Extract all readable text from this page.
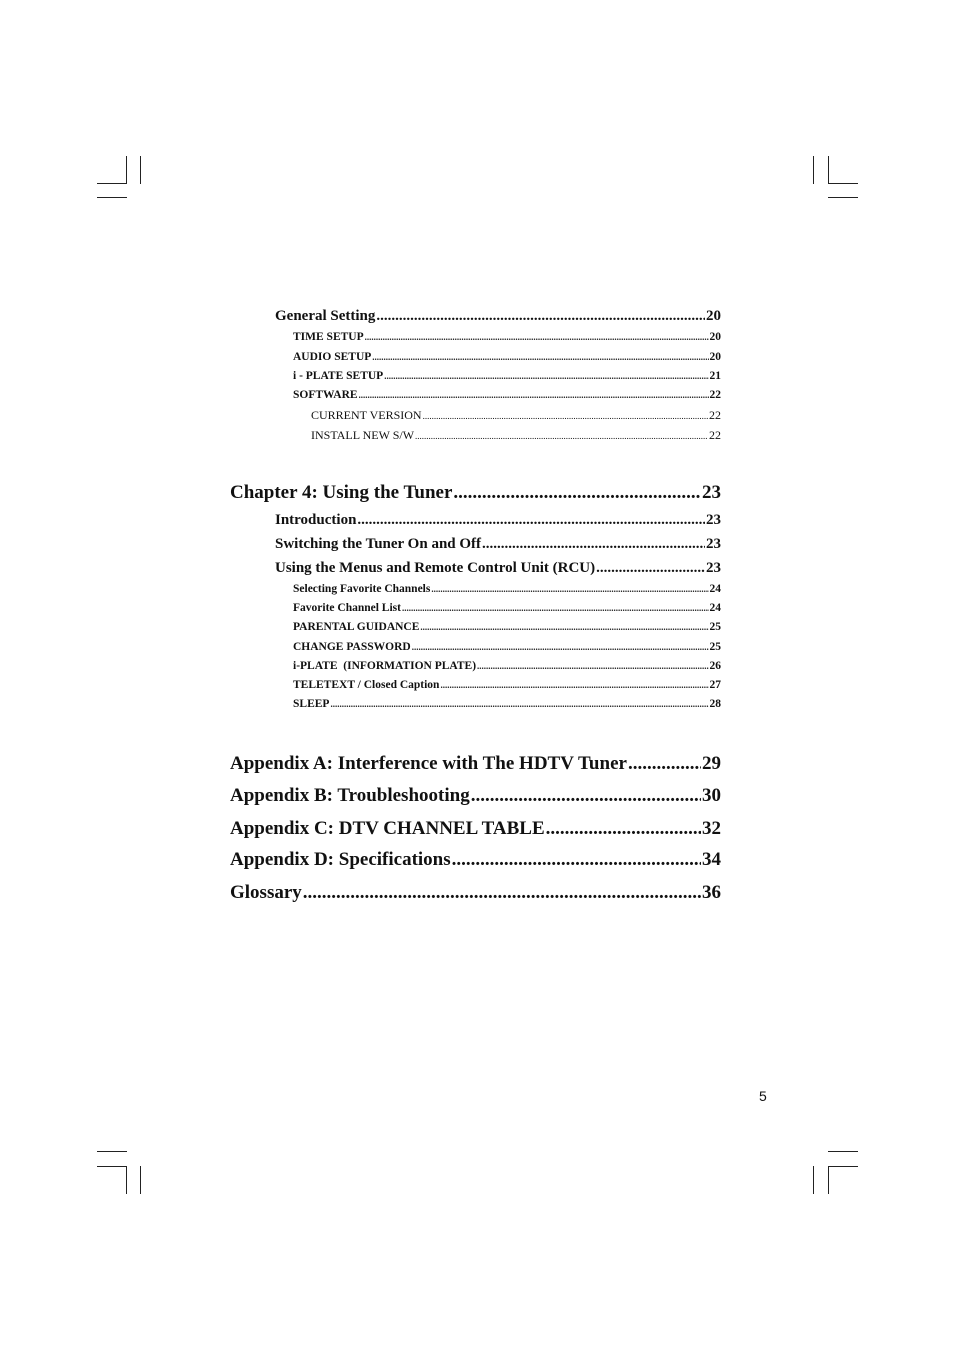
General Setting .....	20
TIME SETUP .....	20
AUDIO SETUP .....	20
i - PLATE SETUP .....	21
SOFTWARE .....	22
CURRENT VERSION .....	22
INSTALL NEW S/W .....	22
Chapter 4: Using the Tuner .....	23
Introduction .....	23
Switching the Tuner On and Off .....	23
Using the Menus and Remote Control Unit (RCU) .....	23
Selecting Favorite Channels .....	24
Favorite Channel List .....	24
PARENTAL GUIDANCE .....	25
CHANGE PASSWORD .....	25
i-PLATE  (INFORMATION PLATE) .....	26
TELETEXT / Closed Caption .....	27
SLEEP .....	28
Appendix A: Interference with The HDTV Tuner .....	29
Appendix B: Troubleshooting .....	30
Appendix C: DTV CHANNEL TABLE .....	32
Appendix D: Specifications .....	34
Glossary .....	36
5
